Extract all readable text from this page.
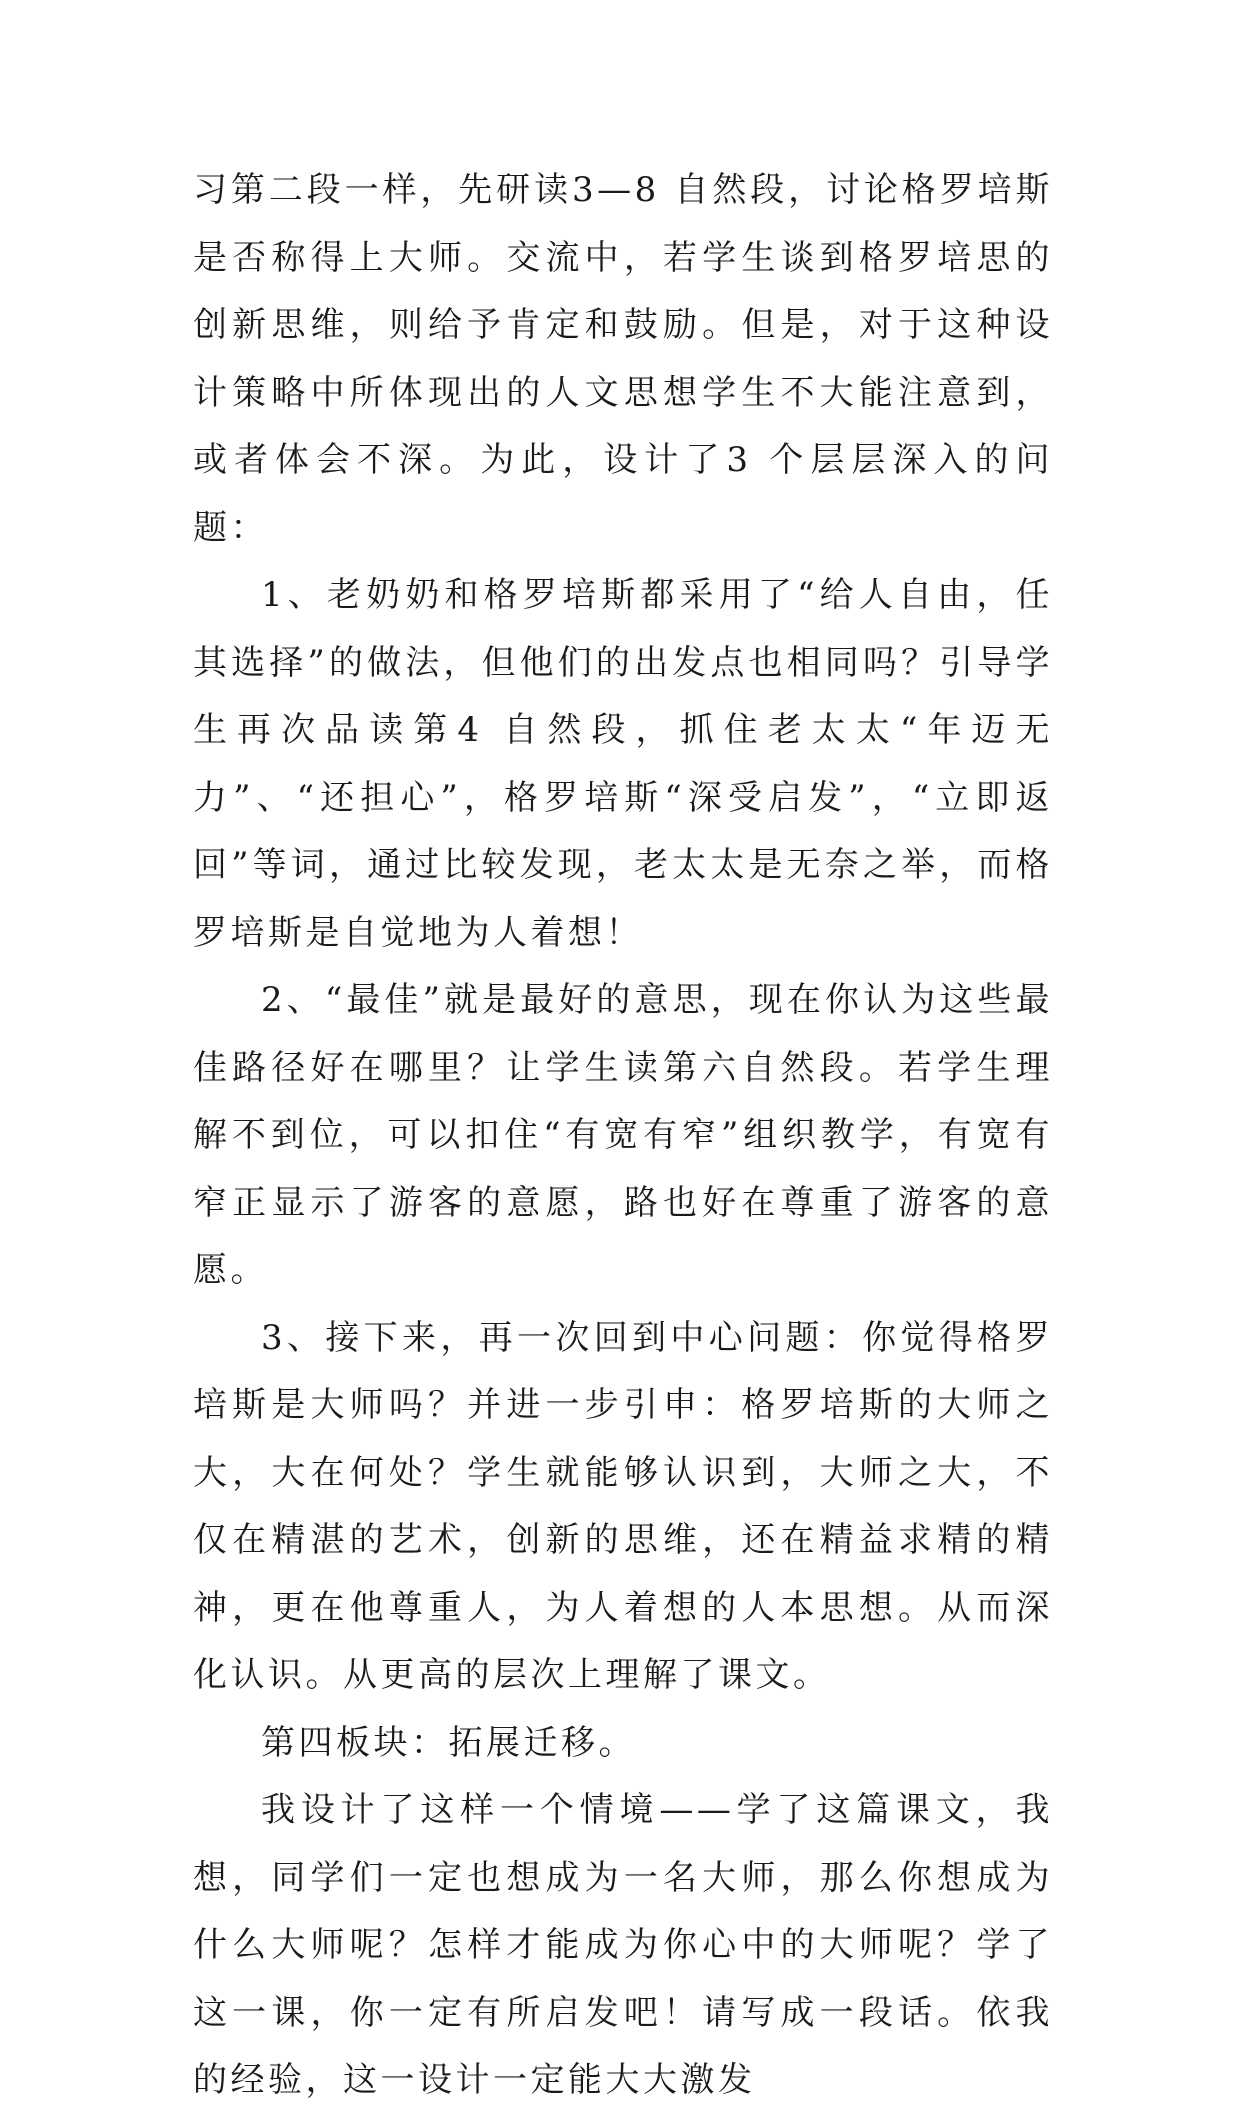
习第二段一样，先研读3—8 自然段，讨论格罗培斯是否称得上大师。交流中，若学生谈到格罗培思的创新思维，则给予肯定和鼓励。但是，对于这种设计策略中所体现出的人文思想学生不大能注意到，或者体会不深。为此，设计了3 个层层深入的问题：

1、老奶奶和格罗培斯都采用了“给人自由，任其选择”的做法，但他们的出发点也相同吗？引导学生再次品读第4 自然段，抓住老太太“年迈无力”、“还担心”，格罗培斯“深受启发”，“立即返回”等词，通过比较发现，老太太是无奈之举，而格罗培斯是自觉地为人着想！

2、“最佳”就是最好的意思，现在你认为这些最佳路径好在哪里？让学生读第六自然段。若学生理解不到位，可以扣住“有宽有窄”组织教学，有宽有窄正显示了游客的意愿，路也好在尊重了游客的意愿。

3、接下来，再一次回到中心问题：你觉得格罗培斯是大师吗？并进一步引申：格罗培斯的大师之大，大在何处？学生就能够认识到，大师之大，不仅在精湛的艺术，创新的思维，还在精益求精的精神，更在他尊重人，为人着想的人本思想。从而深化认识。从更高的层次上理解了课文。

第四板块：拓展迁移。

我设计了这样一个情境——学了这篇课文，我想，同学们一定也想成为一名大师，那么你想成为什么大师呢？怎样才能成为你心中的大师呢？学了这一课，你一定有所启发吧！请写成一段话。依我的经验，这一设计一定能大大激发
